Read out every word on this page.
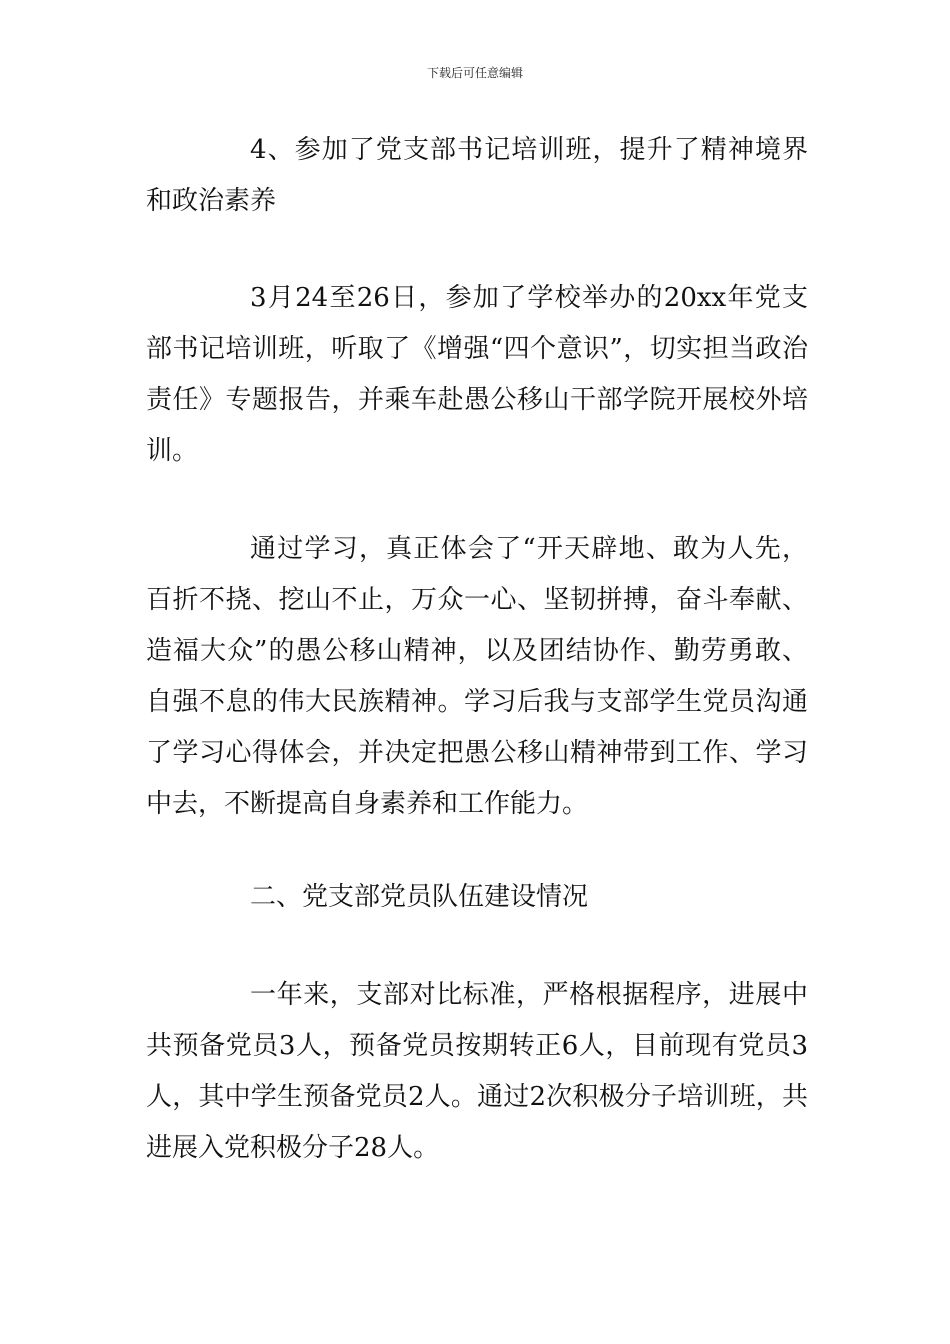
下载后可任意编辑

4、参加了党支部书记培训班，提升了精神境界和政治素养

3月24至26日，参加了学校举办的20xx年党支部书记培训班，听取了《增强“四个意识”，切实担当政治责任》专题报告，并乘车赴愚公移山干部学院开展校外培训。

通过学习，真正体会了“开天辟地、敢为人先，百折不挠、挖山不止，万众一心、坚韧拼搏，奋斗奉献、造福大众”的愚公移山精神，以及团结协作、勤劳勇敢、自强不息的伟大民族精神。学习后我与支部学生党员沟通了学习心得体会，并决定把愚公移山精神带到工作、学习中去，不断提高自身素养和工作能力。

二、党支部党员队伍建设情况

一年来，支部对比标准，严格根据程序，进展中共预备党员3人，预备党员按期转正6人，目前现有党员3人，其中学生预备党员2人。通过2次积极分子培训班，共进展入党积极分子28人。
